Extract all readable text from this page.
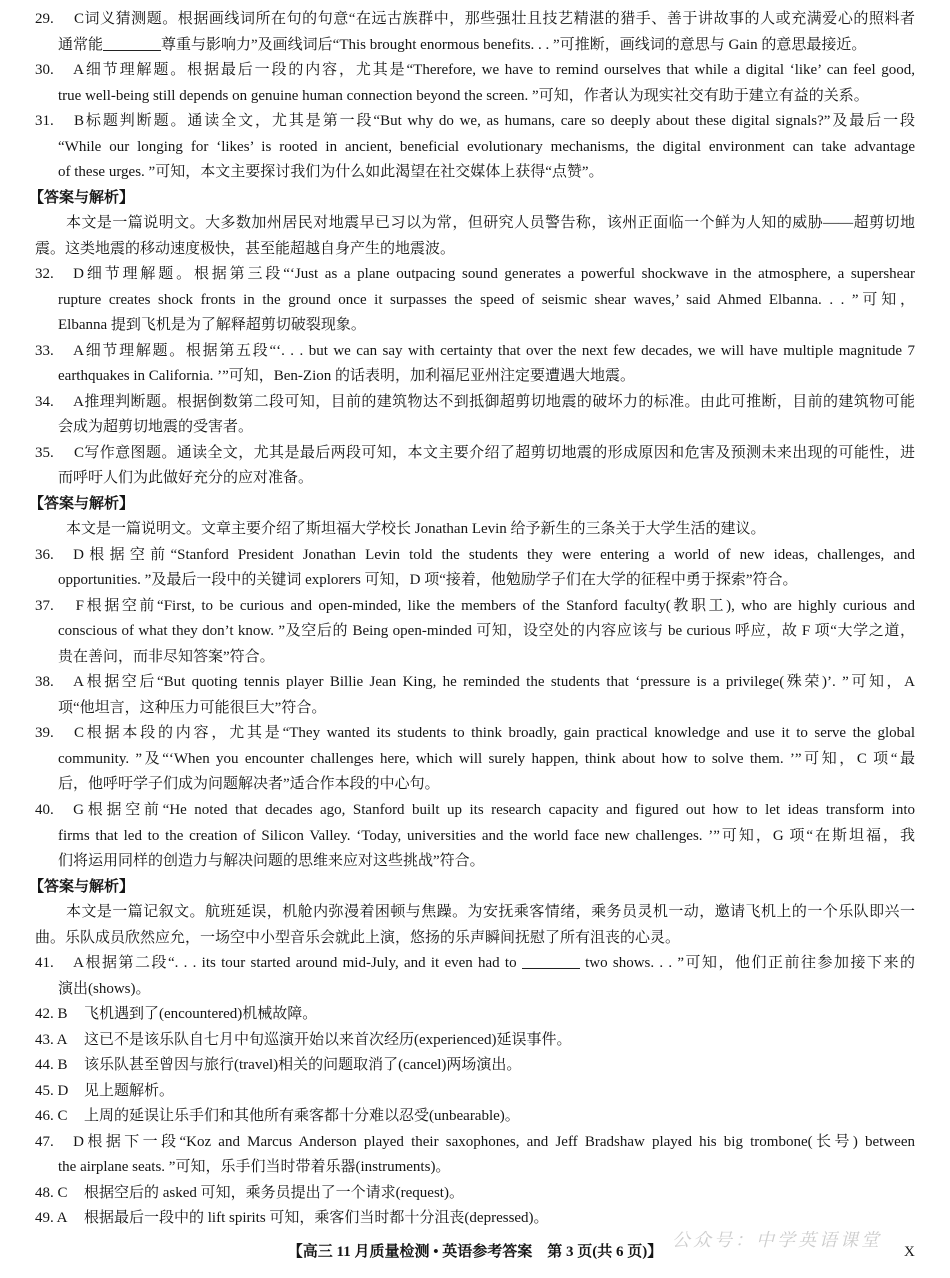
29. C词义猜测题。根据画线词所在句的句意“在远古族群中，那些强壮且技艺精湛的猎手、善于讲故事的人或充满爱心的照料者
通常能	尊重与影响力”及画线词后“This brought enormous benefits. . . ”可推断，画线词的意思与 Gain 的意思最接近。
30. A细节理解题。根据最后一段的内容，尤其是“Therefore, we have to remind ourselves that while a digital ‘like’ can feel good,
true well-being still depends on genuine human connection beyond the screen. ”可知，作者认为现实社交有助于建立有益的关系。
31. B标题判断题。通读全文，尤其是第一段“But why do we, as humans, care so deeply about these digital signals?”及最后一段
“While our longing for ‘likes’ is rooted in ancient, beneficial evolutionary mechanisms, the digital environment can take advantage
of these urges. ”可知，本文主要探讨我们为什么如此渴望在社交媒体上获得“点赞”。
【答案与解析】
本文是一篇说明文。大多数加州居民对地震早已习以为常，但研究人员警告称，该州正面临一个鲜为人知的威胁——超剪切地
震。这类地震的移动速度极快，甚至能超越自身产生的地震波。
32. D细节理解题。根据第三段“‘Just as a plane outpacing sound generates a powerful shockwave in the atmosphere, a supershear
rupture creates shock fronts in the ground once it surpasses the speed of seismic shear waves,’ said Ahmed Elbanna. . . ”可知，
Elbanna 提到飞机是为了解释超剪切破裂现象。
33. A细节理解题。根据第五段“‘. . . but we can say with certainty that over the next few decades, we will have multiple magnitude 7
earthquakes in California. ’”可知，Ben-Zion 的话表明，加利福尼亚州注定要遭遇大地震。
34. A推理判断题。根据倒数第二段可知，目前的建筑物达不到抵御超剪切地震的破坏力的标准。由此可推断，目前的建筑物可能
会成为超剪切地震的受害者。
35. C写作意图题。通读全文，尤其是最后两段可知，本文主要介绍了超剪切地震的形成原因和危害及预测未来出现的可能性，进
而呼吁人们为此做好充分的应对准备。
【答案与解析】
本文是一篇说明文。文章主要介绍了斯坦福大学校长 Jonathan Levin 给予新生的三条关于大学生活的建议。
36. D根据空前“Stanford President Jonathan Levin told the students they were entering a world of new ideas, challenges, and
opportunities. ”及最后一段中的关键词 explorers 可知，D 项“接着，他勉励学子们在大学的征程中勇于探索”符合。
37. F根据空前“First, to be curious and open-minded, like the members of the Stanford faculty(教职工), who are highly curious and
conscious of what they don’t know. ”及空后的 Being open-minded 可知，设空处的内容应该与 be curious 呼应，故 F 项“大学之道，
贵在善问，而非尽知答案”符合。
38. A根据空后“But quoting tennis player Billie Jean King, he reminded the students that ‘pressure is a privilege(殊荣)’. ”可知，A
项“他坦言，这种压力可能很巨大”符合。
39. C根据本段的内容，尤其是“They wanted its students to think broadly, gain practical knowledge and use it to serve the global
community. ”及“‘When you encounter challenges here, which will surely happen, think about how to solve them. ’”可知，C 项“最
后，他呼吁学子们成为问题解决者”适合作本段的中心句。
40. G根据空前“He noted that decades ago, Stanford built up its research capacity and figured out how to let ideas transform into
firms that led to the creation of Silicon Valley. ‘Today, universities and the world face new challenges. ’”可知，G 项“在斯坦福，我
们将运用同样的创造力与解决问题的思维来应对这些挑战”符合。
【答案与解析】
本文是一篇记叙文。航班延误，机舱内弥漫着困顿与焦躁。为安抚乘客情绪，乘务员灵机一动，邀请飞机上的一个乐队即兴一
曲。乐队成员欣然应允，一场空中小型音乐会就此上演，悠扬的乐声瞬间抚慰了所有沮丧的心灵。
41. A根据第二段“. . . its tour started around mid-July, and it even had to	two shows. . . ”可知，他们正前往参加接下来的
演出(shows)。
42. B 飞机遇到了(encountered)机械故障。
43. A 这已不是该乐队自七月中旬巡演开始以来首次经历(experienced)延误事件。
44. B 该乐队甚至曾因与旅行(travel)相关的问题取消了(cancel)两场演出。
45. D 见上题解析。
46. C 上周的延误让乐手们和其他所有乘客都十分难以忍受(unbearable)。
47. D根据下一段“Koz and Marcus Anderson played their saxophones, and Jeff Bradshaw played his big trombone(长号) between
the airplane seats. ”可知，乐手们当时带着乐器(instruments)。
48. C 根据空后的 asked 可知，乘务员提出了一个请求(request)。
49. A 根据最后一段中的 lift spirits 可知，乘客们当时都十分沮丧(depressed)。
公众号：中学英语课堂
【高三 11 月质量检测 • 英语参考答案　第 3 页(共 6 页)】	X
